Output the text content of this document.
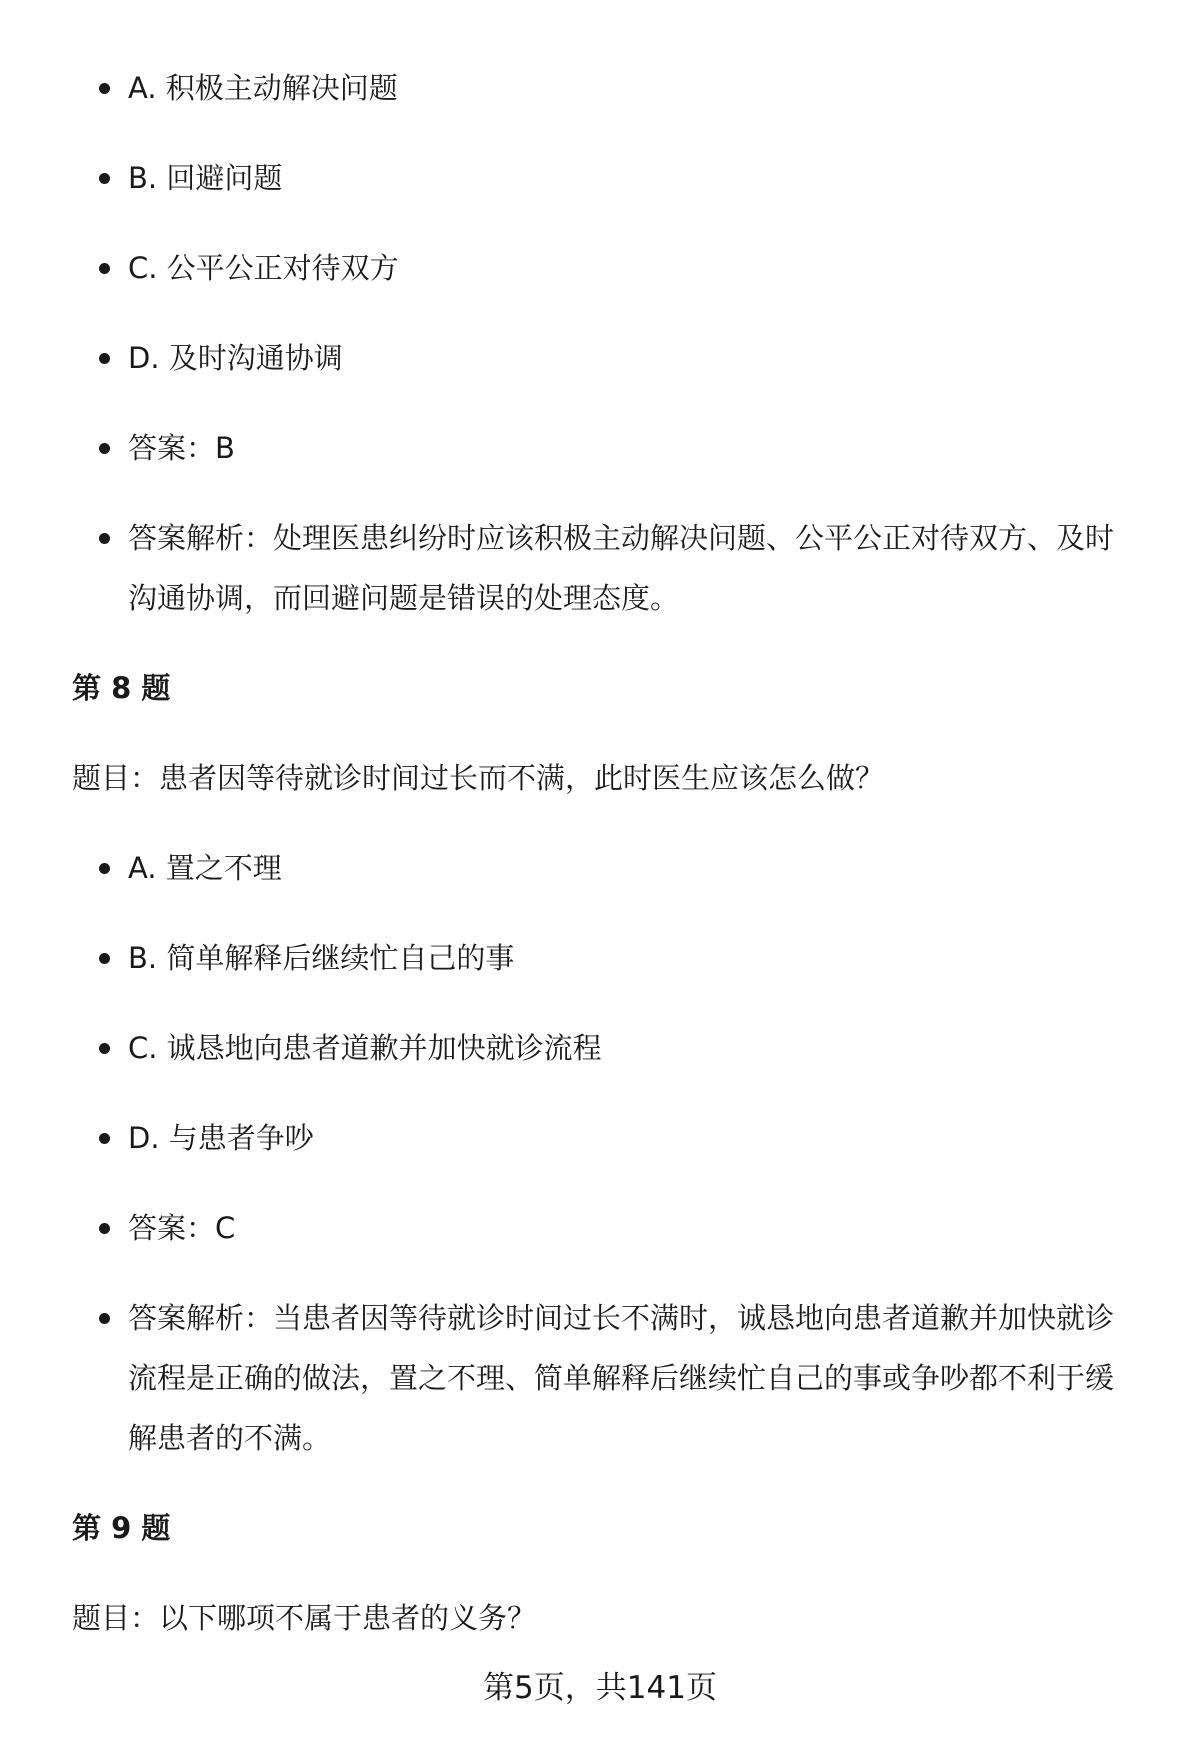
A. 积极主动解决问题
B. 回避问题
C. 公平公正对待双方
D. 及时沟通协调
答案：B
答案解析：处理医患纠纷时应该积极主动解决问题、公平公正对待双方、及时沟通协调，而回避问题是错误的处理态度。
第 8 题
题目：患者因等待就诊时间过长而不满，此时医生应该怎么做？
A. 置之不理
B. 简单解释后继续忙自己的事
C. 诚恳地向患者道歉并加快就诊流程
D. 与患者争吵
答案：C
答案解析：当患者因等待就诊时间过长不满时，诚恳地向患者道歉并加快就诊流程是正确的做法，置之不理、简单解释后继续忙自己的事或争吵都不利于缓解患者的不满。
第 9 题
题目：以下哪项不属于患者的义务？
第5页，共141页
